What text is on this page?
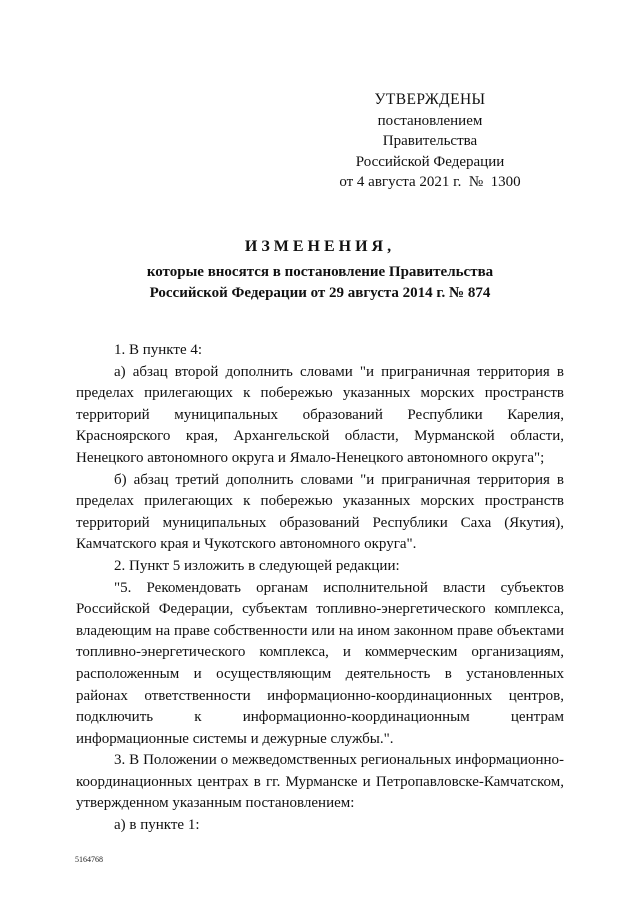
УТВЕРЖДЕНЫ
постановлением Правительства
Российской Федерации
от 4 августа 2021 г.  №  1300
ИЗМЕНЕНИЯ,
которые вносятся в постановление Правительства
Российской Федерации от 29 августа 2014 г. № 874

1. В пункте 4:

а) абзац второй дополнить словами "и приграничная территория в пределах прилегающих к побережью указанных морских пространств территорий муниципальных образований Республики Карелия, Красноярского края, Архангельской области, Мурманской области, Ненецкого автономного округа и Ямало-Ненецкого автономного округа";

б) абзац третий дополнить словами "и приграничная территория в пределах прилегающих к побережью указанных морских пространств территорий муниципальных образований Республики Саха (Якутия), Камчатского края и Чукотского автономного округа".

2. Пункт 5 изложить в следующей редакции:

"5. Рекомендовать органам исполнительной власти субъектов Российской Федерации, субъектам топливно-энергетического комплекса, владеющим на праве собственности или на ином законном праве объектами топливно-энергетического комплекса, и коммерческим организациям, расположенным и осуществляющим деятельность в установленных районах ответственности информационно-координационных центров, подключить к информационно-координационным центрам информационные системы и дежурные службы.".

3. В Положении о межведомственных региональных информационно-координационных центрах в гг. Мурманске и Петропавловске-Камчатском, утвержденном указанным постановлением:

а) в пункте 1:

5164768
